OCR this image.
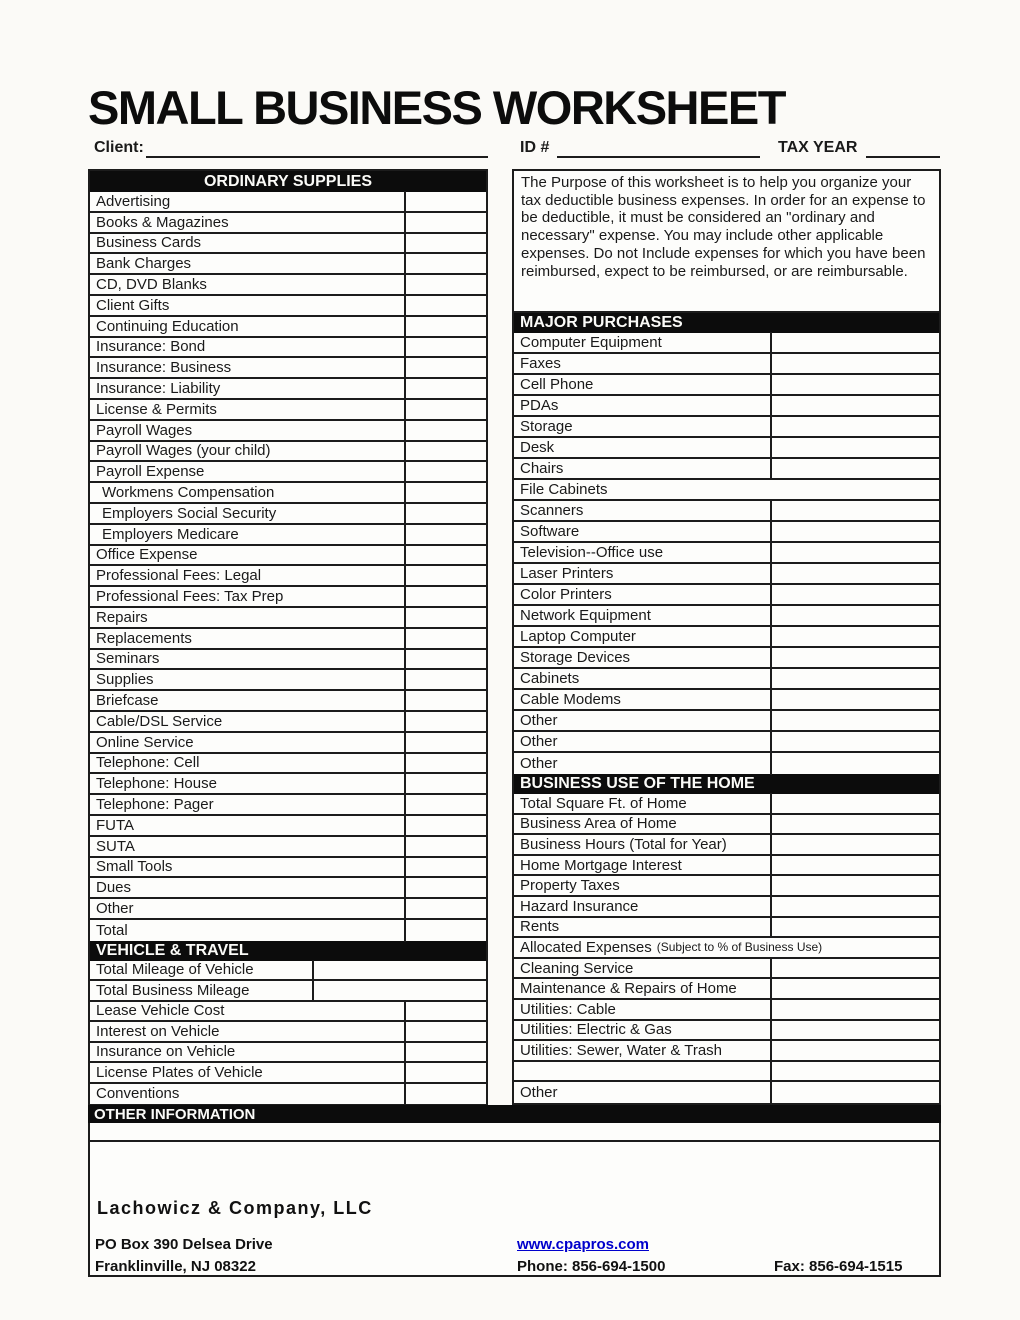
SMALL BUSINESS WORKSHEET
Client:	ID #	TAX YEAR
ORDINARY SUPPLIES
Advertising
Books & Magazines
Business Cards
Bank Charges
CD, DVD Blanks
Client Gifts
Continuing Education
Insurance: Bond
Insurance: Business
Insurance: Liability
License & Permits
Payroll Wages
Payroll Wages (your child)
Payroll Expense
Workmens Compensation
Employers Social Security
Employers Medicare
Office Expense
Professional Fees: Legal
Professional Fees: Tax Prep
Repairs
Replacements
Seminars
Supplies
Briefcase
Cable/DSL Service
Online Service
Telephone: Cell
Telephone: House
Telephone: Pager
FUTA
SUTA
Small Tools
Dues
Other
Total
VEHICLE & TRAVEL
Total Mileage of Vehicle
Total Business Mileage
Lease Vehicle Cost
Interest on Vehicle
Insurance on Vehicle
License Plates of Vehicle
Conventions
The Purpose of this worksheet is to help you organize your tax deductible business expenses. In order for an expense to be deductible, it must be considered an "ordinary and necessary" expense. You may include other applicable expenses. Do not Include expenses for which you have been reimbursed, expect to be reimbursed, or are reimbursable.
MAJOR PURCHASES
Computer Equipment
Faxes
Cell Phone
PDAs
Storage
Desk
Chairs
File Cabinets
Scanners
Software
Television--Office use
Laser Printers
Color Printers
Network Equipment
Laptop Computer
Storage Devices
Cabinets
Cable Modems
Other
Other
Other
BUSINESS USE OF THE HOME
Total Square Ft. of Home
Business Area of Home
Business Hours (Total for Year)
Home Mortgage Interest
Property Taxes
Hazard Insurance
Rents
Allocated Expenses (Subject to % of Business Use)
Cleaning Service
Maintenance & Repairs of Home
Utilities: Cable
Utilities: Electric & Gas
Utilities: Sewer, Water & Trash
Other
OTHER INFORMATION
Lachowicz & Company, LLC
PO Box 390 Delsea Drive	www.cpapros.com
Franklinville, NJ 08322	Phone: 856-694-1500	Fax: 856-694-1515
